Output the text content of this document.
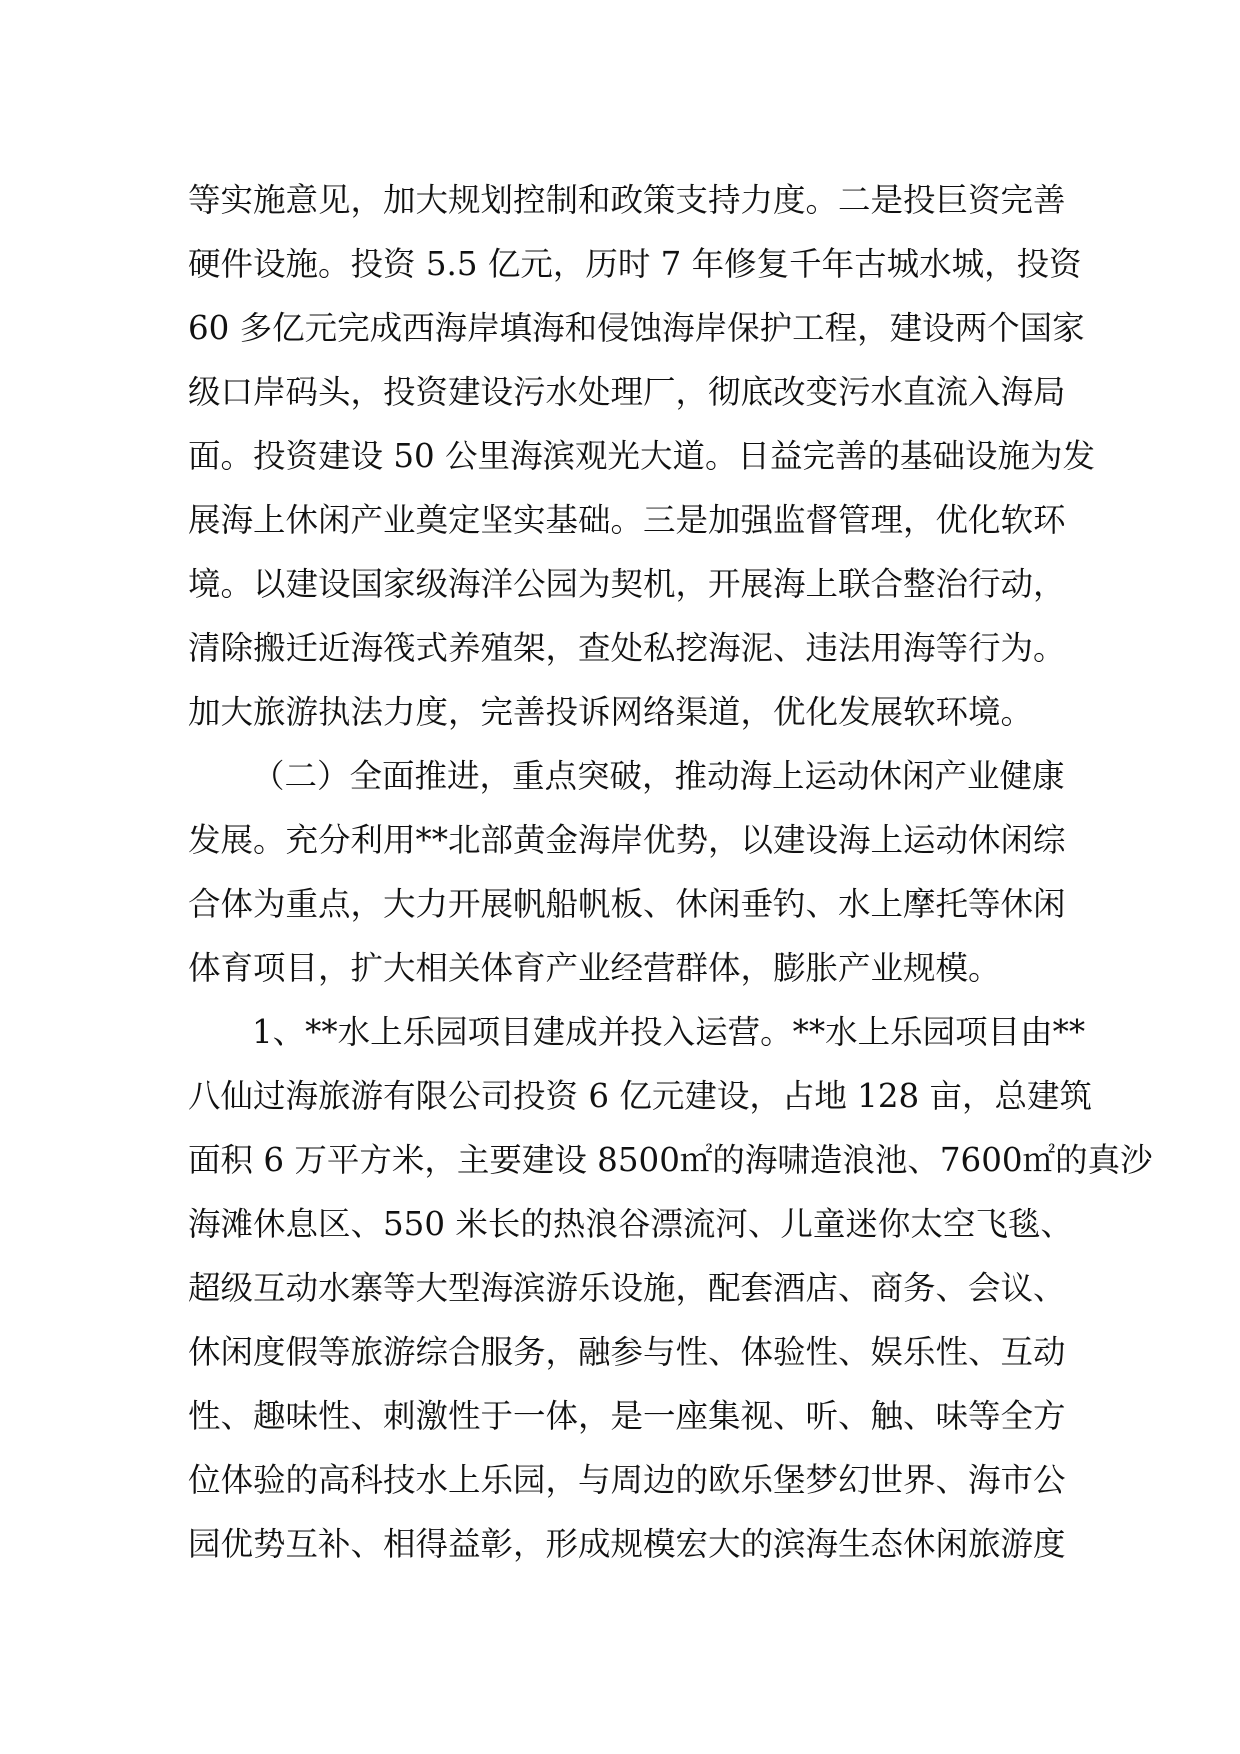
等实施意见，加大规划控制和政策支持力度。二是投巨资完善
硬件设施。投资 5.5 亿元，历时 7 年修复千年古城水城，投资
60 多亿元完成西海岸填海和侵蚀海岸保护工程，建设两个国家
级口岸码头，投资建设污水处理厂，彻底改变污水直流入海局
面。投资建设 50 公里海滨观光大道。日益完善的基础设施为发
展海上休闲产业奠定坚实基础。三是加强监督管理，优化软环
境。以建设国家级海洋公园为契机，开展海上联合整治行动，
清除搬迁近海筏式养殖架，查处私挖海泥、违法用海等行为。
加大旅游执法力度，完善投诉网络渠道，优化发展软环境。
（二）全面推进，重点突破，推动海上运动休闲产业健康
发展。充分利用**北部黄金海岸优势，以建设海上运动休闲综
合体为重点，大力开展帆船帆板、休闲垂钓、水上摩托等休闲
体育项目，扩大相关体育产业经营群体，膨胀产业规模。
1、**水上乐园项目建成并投入运营。**水上乐园项目由**
八仙过海旅游有限公司投资 6 亿元建设，占地 128 亩，总建筑
面积 6 万平方米，主要建设 8500㎡的海啸造浪池、7600㎡的真沙
海滩休息区、550 米长的热浪谷漂流河、儿童迷你太空飞毯、
超级互动水寨等大型海滨游乐设施，配套酒店、商务、会议、
休闲度假等旅游综合服务，融参与性、体验性、娱乐性、互动
性、趣味性、刺激性于一体，是一座集视、听、触、味等全方
位体验的高科技水上乐园，与周边的欧乐堡梦幻世界、海市公
园优势互补、相得益彰，形成规模宏大的滨海生态休闲旅游度
